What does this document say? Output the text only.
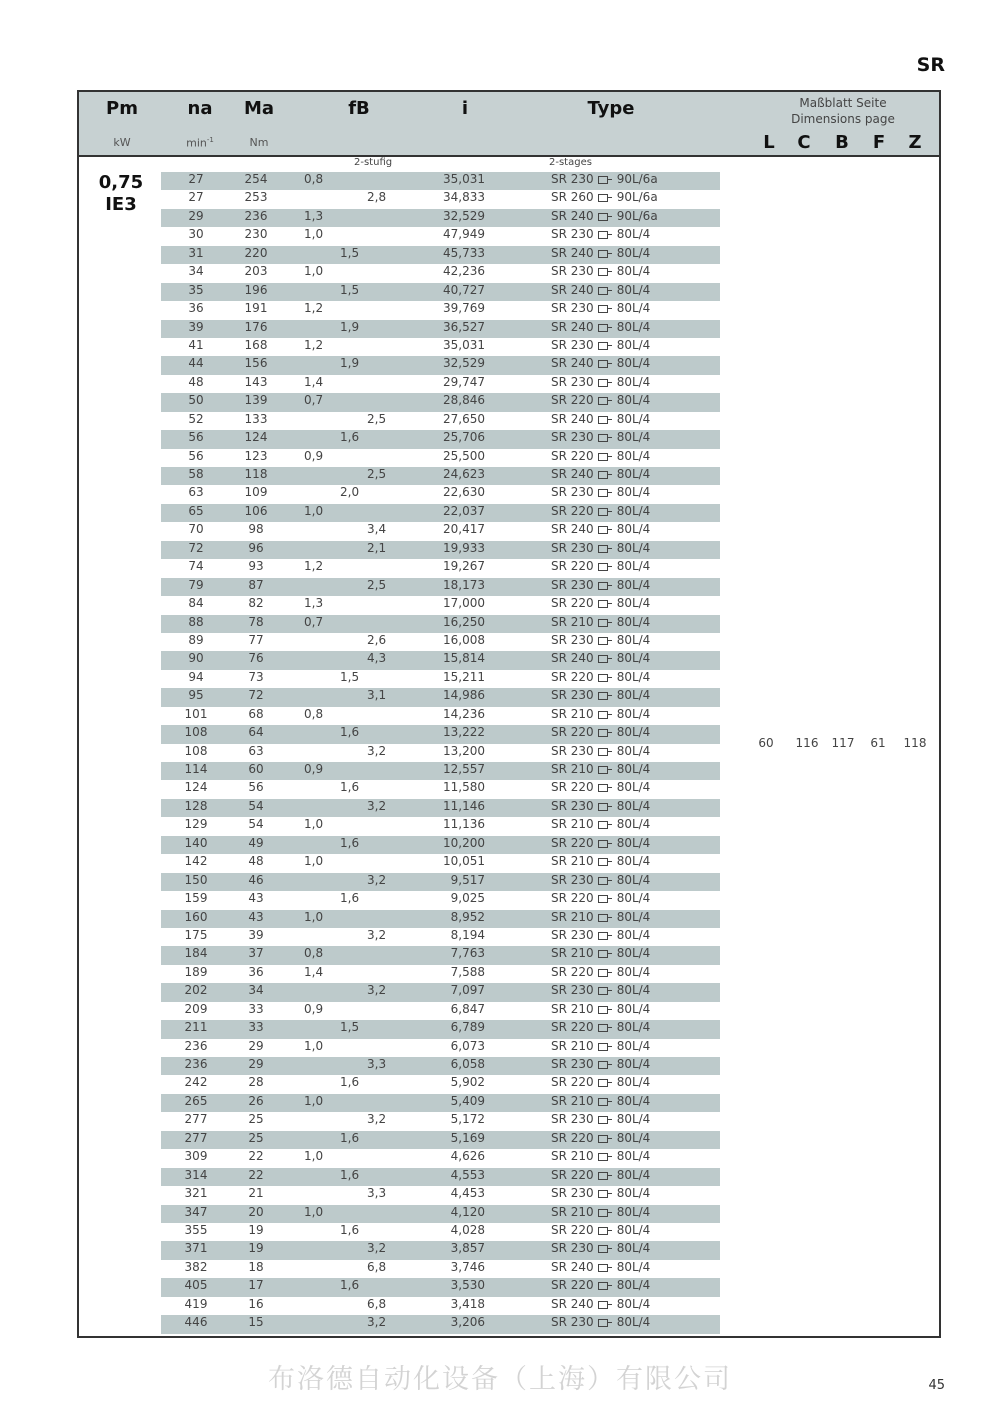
SR
Pm
kW
na
$\min^{-1}$
Ma
Nm
fB	i	Type	Maßblatt Seite
Dimensions page
L C B F Z
2-stufig	2-stages
0,75
IE3
27	254	0,8	35,031	SR 230 90L/6a
27	253	2,8	34,833	SR 260 90L/6a
29	236	1,3	32,529	SR 240 90L/6a
30	230	1,0	47,949	SR 230 80L/4
31	220	1,5	45,733	SR 240 80L/4
34	203	1,0	42,236	SR 230 80L/4
35	196	1,5	40,727	SR 240 80L/4
36	191	1,2	39,769	SR 230 80L/4
39	176	1,9	36,527	SR 240 80L/4
41	168	1,2	35,031	SR 230 80L/4
44	156	1,9	32,529	SR 240 80L/4
48	143	1,4	29,747	SR 230 80L/4
50	139	0,7	28,846	SR 220 80L/4
52	133	2,5	27,650	SR 240 80L/4
56	124	1,6	25,706	SR 230 80L/4
56	123	0,9	25,500	SR 220 80L/4
58	118	2,5	24,623	SR 240 80L/4
63	109	2,0	22,630	SR 230 80L/4
65	106	1,0	22,037	SR 220 80L/4
70	98	3,4	20,417	SR 240 80L/4
72	96	2,1	19,933	SR 230 80L/4
74	93	1,2	19,267	SR 220 80L/4
79	87	2,5	18,173	SR 230 80L/4
84	82	1,3	17,000	SR 220 80L/4
88	78	0,7	16,250	SR 210 80L/4
89	77	2,6	16,008	SR 230 80L/4
90	76	4,3	15,814	SR 240 80L/4
94	73	1,5	15,211	SR 220 80L/4
95	72	3,1	14,986	SR 230 80L/4
101	68	0,8	14,236	SR 210 80L/4
108	64	1,6	13,222	SR 220 80L/4
108	63	3,2	13,200	SR 230 80L/4
114	60	0,9	12,557	SR 210 80L/4
124	56	1,6	11,580	SR 220 80L/4
128	54	3,2	11,146	SR 230 80L/4
129	54	1,0	11,136	SR 210 80L/4
140	49	1,6	10,200	SR 220 80L/4
142	48	1,0	10,051	SR 210 80L/4
150	46	3,2	9,517	SR 230 80L/4
159	43	1,6	9,025	SR 220 80L/4
160	43	1,0	8,952	SR 210 80L/4
175	39	3,2	8,194	SR 230 80L/4
184	37	0,8	7,763	SR 210 80L/4
189	36	1,4	7,588	SR 220 80L/4
202	34	3,2	7,097	SR 230 80L/4
209	33	0,9	6,847	SR 210 80L/4
211	33	1,5	6,789	SR 220 80L/4
236	29	1,0	6,073	SR 210 80L/4
236	29	3,3	6,058	SR 230 80L/4
242	28	1,6	5,902	SR 220 80L/4
265	26	1,0	5,409	SR 210 80L/4
277	25	3,2	5,172	SR 230 80L/4
277	25	1,6	5,169	SR 220 80L/4
309	22	1,0	4,626	SR 210 80L/4
314	22	1,6	4,553	SR 220 80L/4
321	21	3,3	4,453	SR 230 80L/4
347	20	1,0	4,120	SR 210 80L/4
355	19	1,6	4,028	SR 220 80L/4
371	19	3,2	3,857	SR 230 80L/4
382	18	6,8	3,746	SR 240 80L/4
405	17	1,6	3,530	SR 220 80L/4
419	16	6,8	3,418	SR 240 80L/4
446	15	3,2	3,206	SR 230 80L/4
60	116	117	61	118
布洛德自动化设备（上海）有限公司	45
